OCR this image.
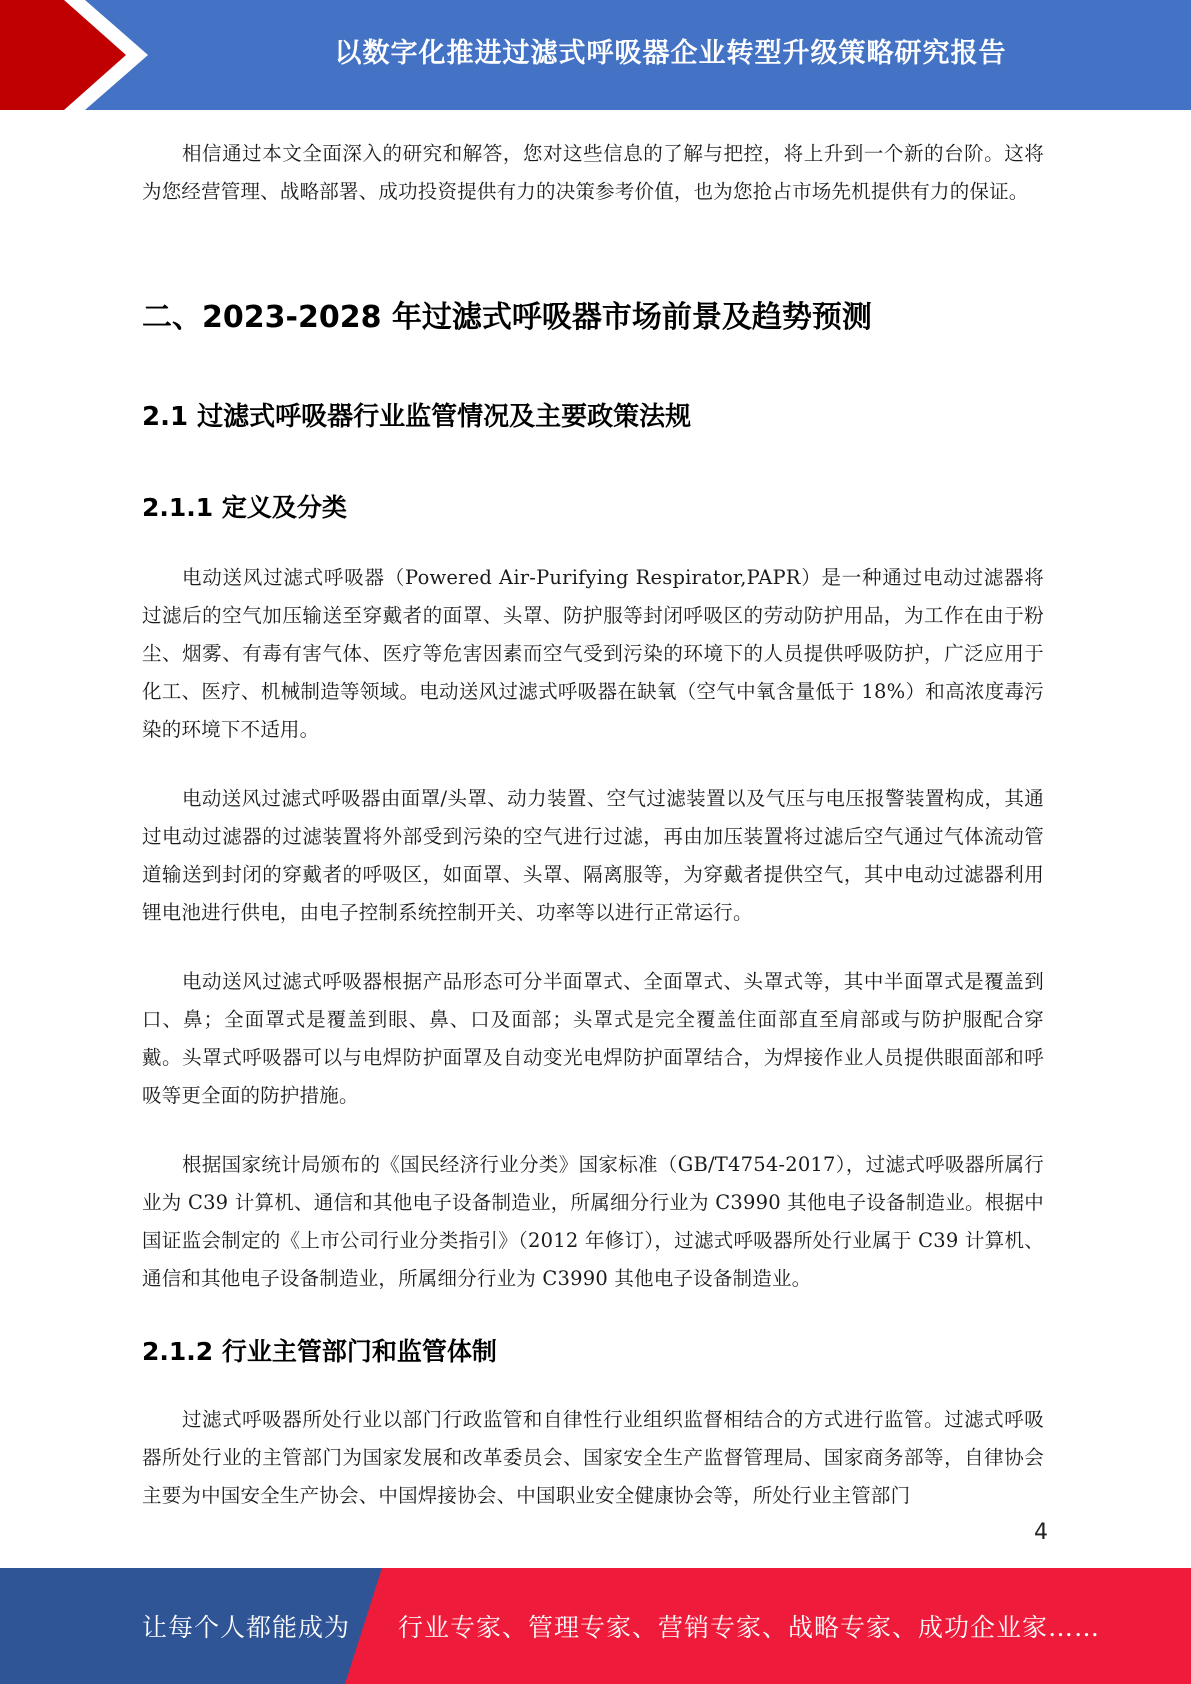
以数字化推进过滤式呼吸器企业转型升级策略研究报告

相信通过本文全面深入的研究和解答，您对这些信息的了解与把控，将上升到一个新的台阶。这将为您经营管理、战略部署、成功投资提供有力的决策参考价值，也为您抢占市场先机提供有力的保证。

二、2023-2028 年过滤式呼吸器市场前景及趋势预测
2.1 过滤式呼吸器行业监管情况及主要政策法规
2.1.1 定义及分类

电动送风过滤式呼吸器（Powered Air-Purifying Respirator,PAPR）是一种通过电动过滤器将过滤后的空气加压输送至穿戴者的面罩、头罩、防护服等封闭呼吸区的劳动防护用品，为工作在由于粉尘、烟雾、有毒有害气体、医疗等危害因素而空气受到污染的环境下的人员提供呼吸防护，广泛应用于化工、医疗、机械制造等领域。电动送风过滤式呼吸器在缺氧（空气中氧含量低于 18%）和高浓度毒污染的环境下不适用。

电动送风过滤式呼吸器由面罩/头罩、动力装置、空气过滤装置以及气压与电压报警装置构成，其通过电动过滤器的过滤装置将外部受到污染的空气进行过滤，再由加压装置将过滤后空气通过气体流动管道输送到封闭的穿戴者的呼吸区，如面罩、头罩、隔离服等，为穿戴者提供空气，其中电动过滤器利用锂电池进行供电，由电子控制系统控制开关、功率等以进行正常运行。

电动送风过滤式呼吸器根据产品形态可分半面罩式、全面罩式、头罩式等，其中半面罩式是覆盖到口、鼻；全面罩式是覆盖到眼、鼻、口及面部；头罩式是完全覆盖住面部直至肩部或与防护服配合穿戴。头罩式呼吸器可以与电焊防护面罩及自动变光电焊防护面罩结合，为焊接作业人员提供眼面部和呼吸等更全面的防护措施。

根据国家统计局颁布的《国民经济行业分类》国家标准（GB/T4754-2017），过滤式呼吸器所属行业为 C39 计算机、通信和其他电子设备制造业，所属细分行业为 C3990 其他电子设备制造业。根据中国证监会制定的《上市公司行业分类指引》（2012 年修订），过滤式呼吸器所处行业属于 C39 计算机、通信和其他电子设备制造业，所属细分行业为 C3990 其他电子设备制造业。

2.1.2 行业主管部门和监管体制

过滤式呼吸器所处行业以部门行政监管和自律性行业组织监督相结合的方式进行监管。过滤式呼吸器所处行业的主管部门为国家发展和改革委员会、国家安全生产监督管理局、国家商务部等，自律协会主要为中国安全生产协会、中国焊接协会、中国职业安全健康协会等，所处行业主管部门

4
让每个人都能成为 行业专家、管理专家、营销专家、战略专家、成功企业家……
